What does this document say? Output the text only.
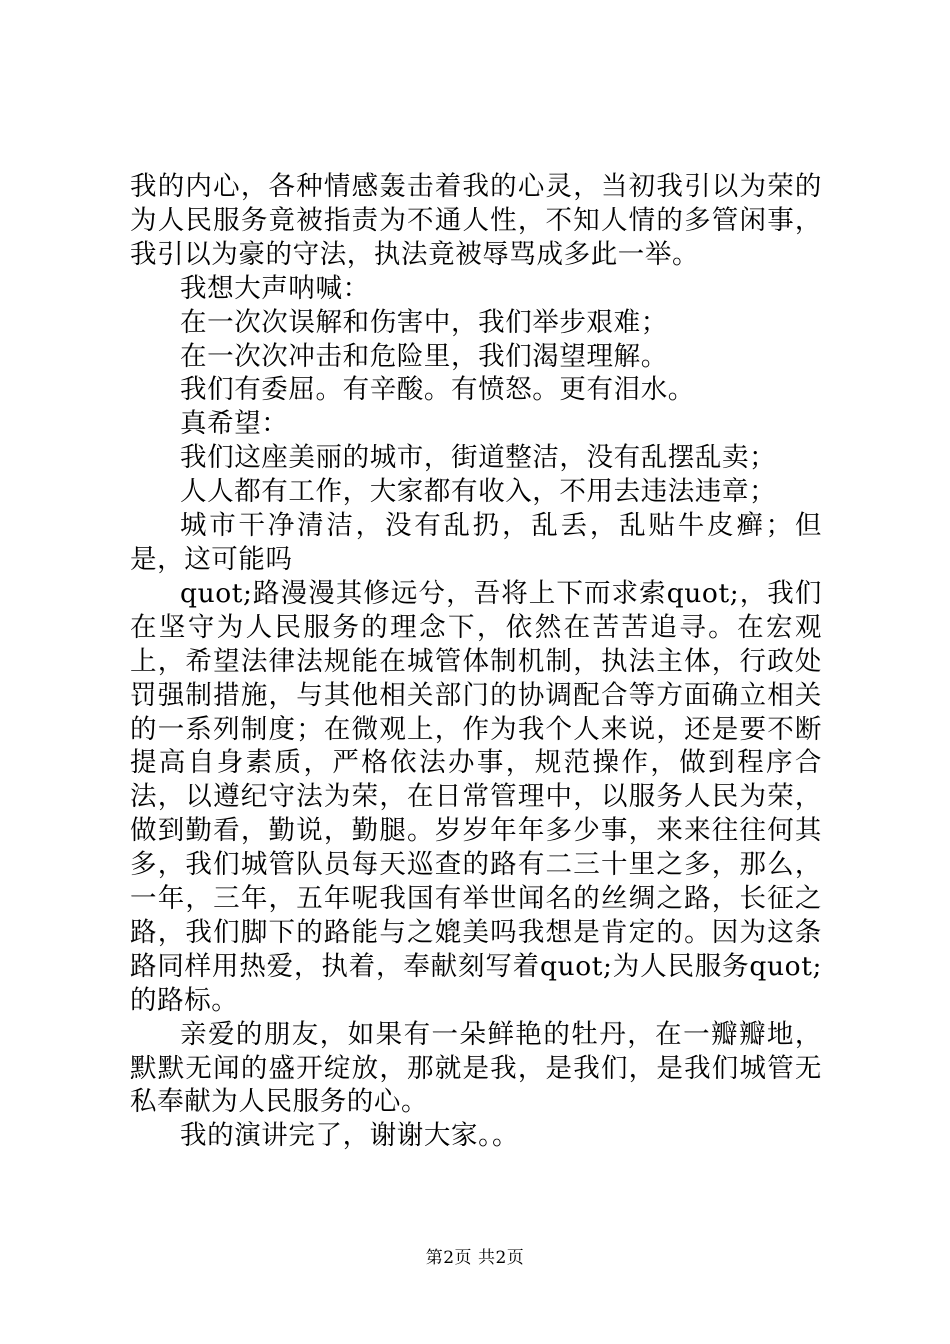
我的内心，各种情感轰击着我的心灵，当初我引以为荣的为人民服务竟被指责为不通人性，不知人情的多管闲事，我引以为豪的守法，执法竟被辱骂成多此一举。

我想大声呐喊：

在一次次误解和伤害中，我们举步艰难；

在一次次冲击和危险里，我们渴望理解。

我们有委屈。有辛酸。有愤怒。更有泪水。

真希望：

我们这座美丽的城市，街道整洁，没有乱摆乱卖；

人人都有工作，大家都有收入，不用去违法违章；

城市干净清洁，没有乱扔，乱丢，乱贴牛皮癣；但是，这可能吗

quot;路漫漫其修远兮，吾将上下而求索quot;，我们在坚守为人民服务的理念下，依然在苦苦追寻。在宏观上，希望法律法规能在城管体制机制，执法主体，行政处罚强制措施，与其他相关部门的协调配合等方面确立相关的一系列制度；在微观上，作为我个人来说，还是要不断提高自身素质，严格依法办事，规范操作，做到程序合法，以遵纪守法为荣，在日常管理中，以服务人民为荣，做到勤看，勤说，勤腿。岁岁年年多少事，来来往往何其多，我们城管队员每天巡查的路有二三十里之多，那么，一年，三年，五年呢我国有举世闻名的丝绸之路，长征之路，我们脚下的路能与之媲美吗我想是肯定的。因为这条路同样用热爱，执着，奉献刻写着quot;为人民服务quot;的路标。

亲爱的朋友，如果有一朵鲜艳的牡丹，在一瓣瓣地，默默无闻的盛开绽放，那就是我，是我们，是我们城管无私奉献为人民服务的心。

我的演讲完了，谢谢大家。。

第2页 共2页
